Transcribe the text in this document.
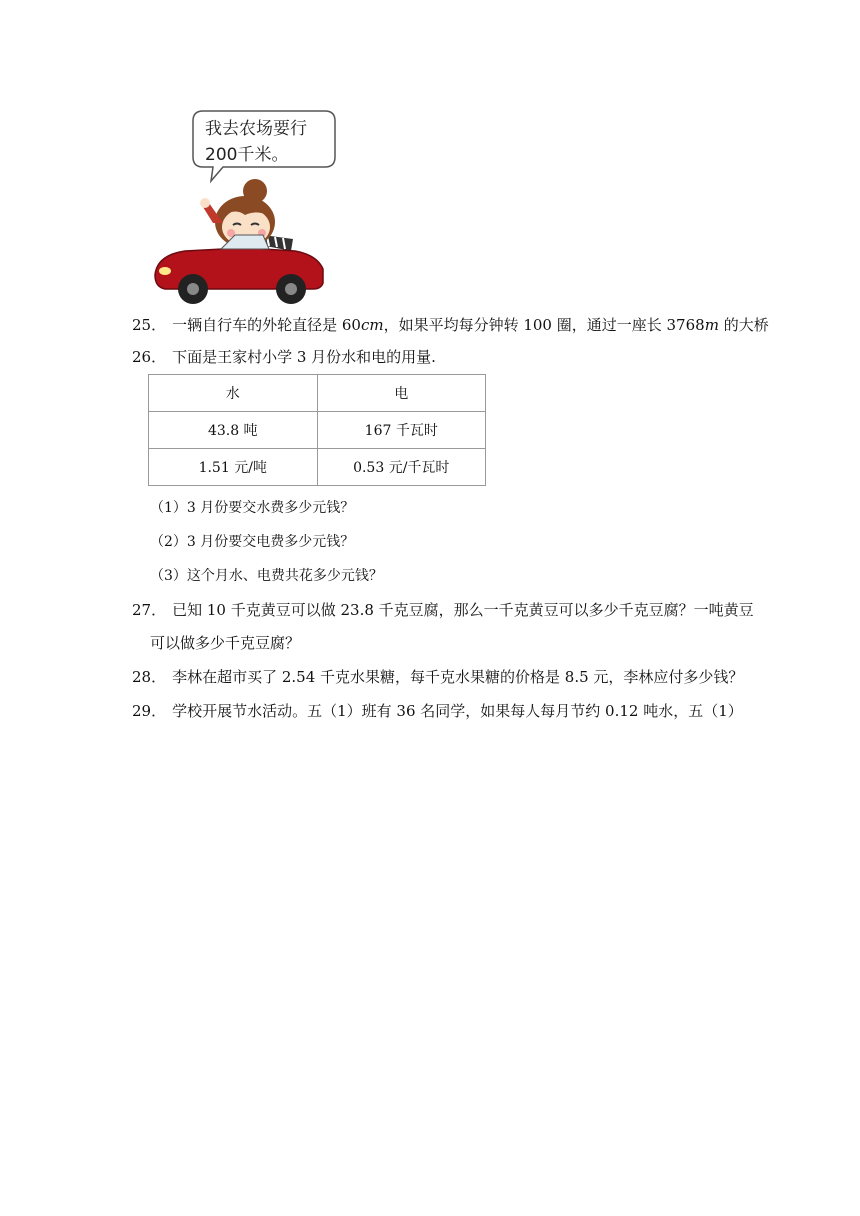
我去农场要行
200千米。
25． 一辆自行车的外轮直径是 60cm，如果平均每分钟转 100 圈，通过一座长 3768m 的大桥
26． 下面是王家村小学 3 月份水和电的用量.
水	电
43.8 吨	167 千瓦时
1.51 元/吨	0.53 元/千瓦时
（1）3 月份要交水费多少元钱？
（2）3 月份要交电费多少元钱？
（3）这个月水、电费共花多少元钱？
27． 已知 10 千克黄豆可以做 23.8 千克豆腐，那么一千克黄豆可以多少千克豆腐？一吨黄豆
可以做多少千克豆腐？
28． 李林在超市买了 2.54 千克水果糖，每千克水果糖的价格是 8.5 元，李林应付多少钱？
29． 学校开展节水活动。五（1）班有 36 名同学，如果每人每月节约 0.12 吨水，五（1）
